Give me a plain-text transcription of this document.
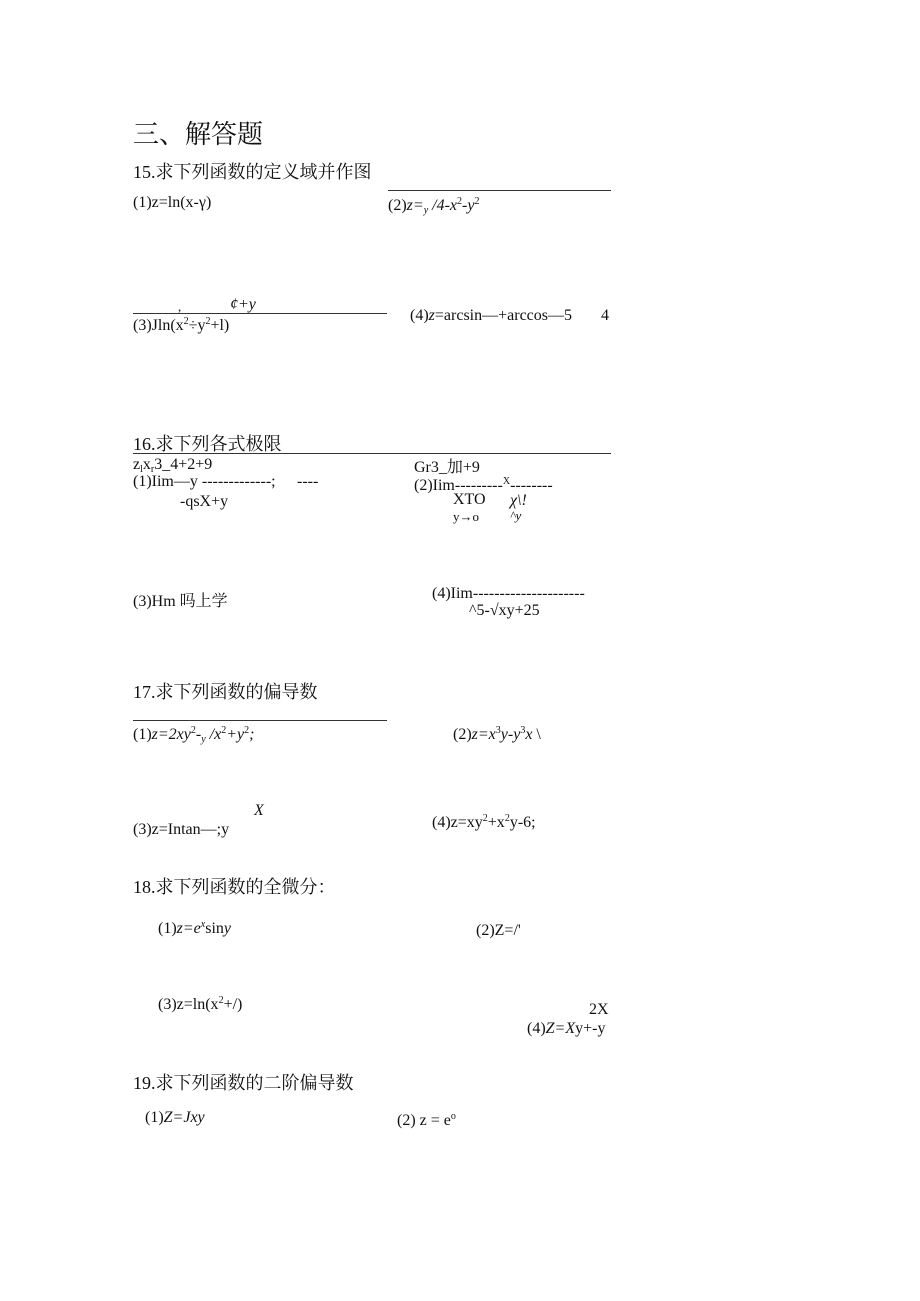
三、解答题
15.求下列函数的定义域并作图
(1)z=ln(x-γ)	$(2)z=_y$ $/4-x^2-y^2$
,	¢+y
$(3)Jln(x^2\div y^2+l)$
(4)z=arcsin—+arccos—5 4
16.求下列各式极限
$z_lx_r3\_4+2+9$
(1)Iim—y -------------; ----
-qsX+y
Gr3_加+9
(2)Iim---------$^X$--------
XTO χ\!
y→o ^y
(3)Hm 吗上学	(4)Iim---------------------
^5-√xy+25
17.求下列函数的偏导数
$(1)z=2xy^2-_y$ $/x^2+y^2$;	$(2)z=x^3y-y^3x$ \
X
(3)z=Intan—;y	$(4)z=xy^2+x^2y-6$;
18.求下列函数的全微分：
$(1)z=e^x\sin y$	(2)Z=/'
$(3)z=\ln(x^2+/)$	2X
(4)Z=Xy+-y
19.求下列函数的二阶偏导数
(1)Z=Jxy	(2) $z = e^o$
